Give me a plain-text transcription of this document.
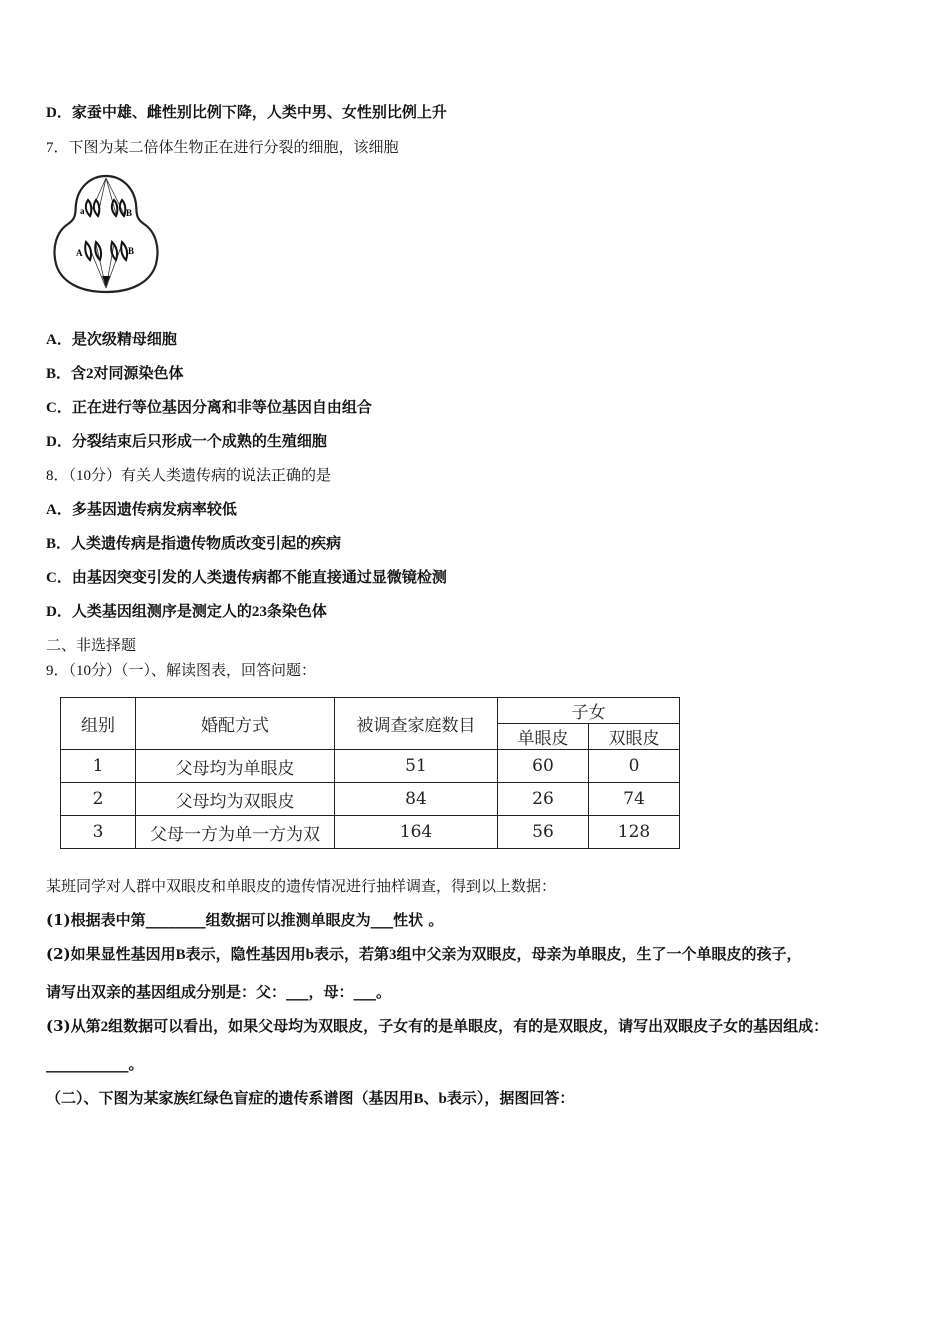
D．家蚕中雄、雌性别比例下降，人类中男、女性别比例上升
7．下图为某二倍体生物正在进行分裂的细胞，该细胞
a	B
A	B
A．是次级精母细胞
B．含2对同源染色体
C．正在进行等位基因分离和非等位基因自由组合
D．分裂结束后只形成一个成熟的生殖细胞
8．（10分）有关人类遗传病的说法正确的是
A．多基因遗传病发病率较低
B．人类遗传病是指遗传物质改变引起的疾病
C．由基因突变引发的人类遗传病都不能直接通过显微镜检测
D．人类基因组测序是测定人的23条染色体
二、非选择题
9．（10分）（一）、解读图表，回答问题：
组别	婚配方式	被调查家庭数目	子女	
			单眼皮	双眼皮
1	父母均为单眼皮	51	60	0
2	父母均为双眼皮	84	26	74
3	父母一方为单一方为双	164	56	128
某班同学对人群中双眼皮和单眼皮的遗传情况进行抽样调查，得到以上数据：
(1)根据表中第________组数据可以推测单眼皮为___性状 。
(2)如果显性基因用B表示，隐性基因用b表示，若第3组中父亲为双眼皮，母亲为单眼皮，生了一个单眼皮的孩子，
请写出双亲的基因组成分别是：父：___，母：___。
(3)从第2组数据可以看出，如果父母均为双眼皮，子女有的是单眼皮，有的是双眼皮，请写出双眼皮子女的基因组成：
___________。
（二）、下图为某家族红绿色盲症的遗传系谱图（基因用B、b表示），据图回答：
